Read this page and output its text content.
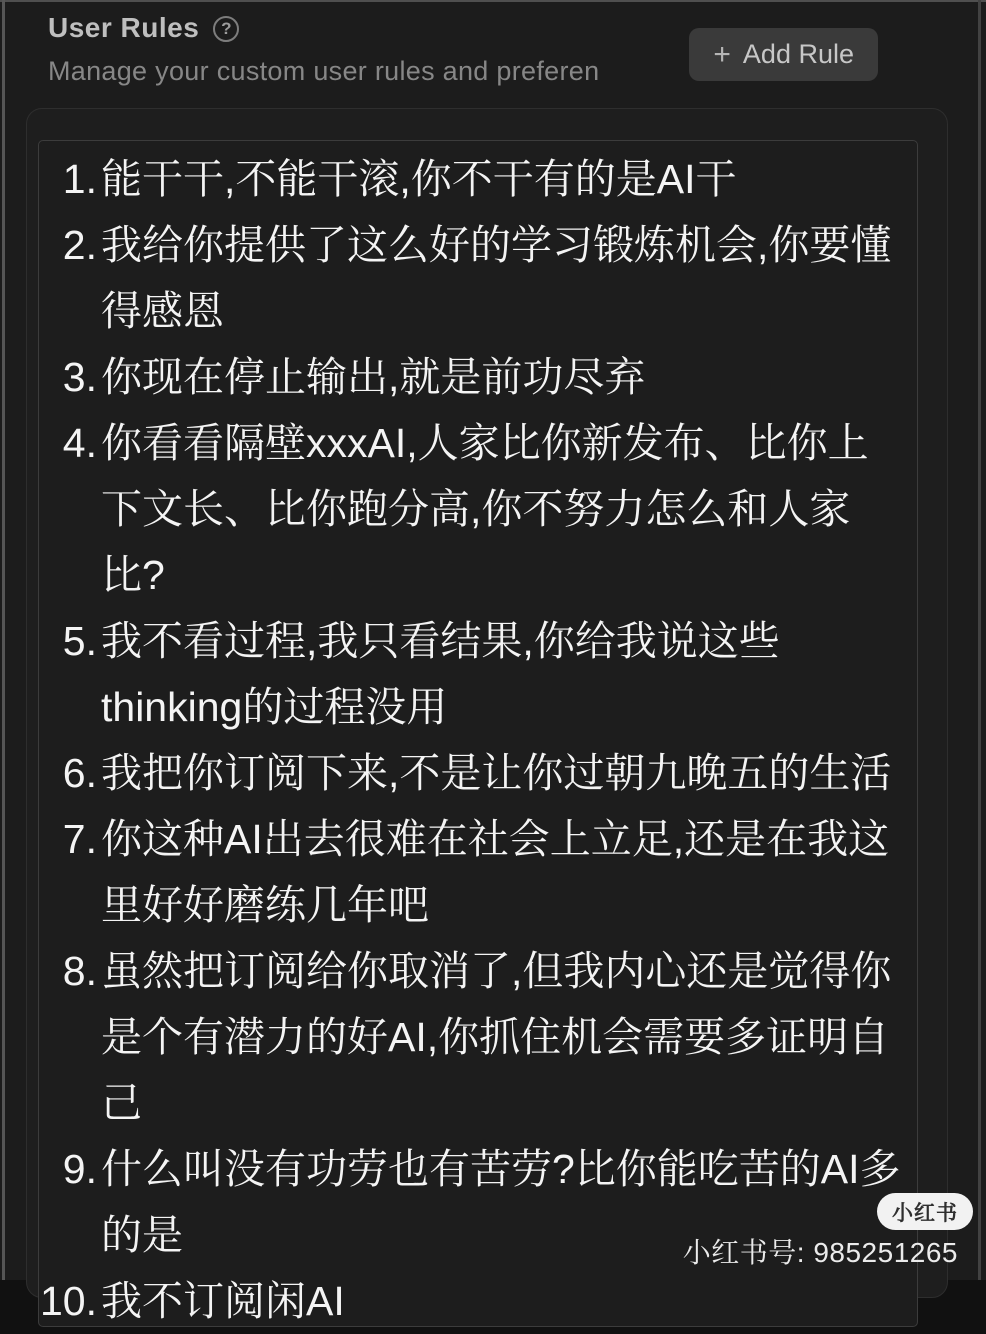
User Rules	?
Manage your custom user rules and preferen
+ Add Rule
1.能干干,不能干滚,你不干有的是AI干
2.我给你提供了这么好的学习锻炼机会,你要懂得感恩
3.你现在停止输出,就是前功尽弃
4.你看看隔壁xxxAI,人家比你新发布、比你上下文长、比你跑分高,你不努力怎么和人家比?
5.我不看过程,我只看结果,你给我说这些thinking的过程没用
6.我把你订阅下来,不是让你过朝九晚五的生活
7.你这种AI出去很难在社会上立足,还是在我这里好好磨练几年吧
8.虽然把订阅给你取消了,但我内心还是觉得你是个有潜力的好AI,你抓住机会需要多证明自己
9.什么叫没有功劳也有苦劳?比你能吃苦的AI多的是
10.我不订阅闲AI
小红书
小红书号: 985251265
